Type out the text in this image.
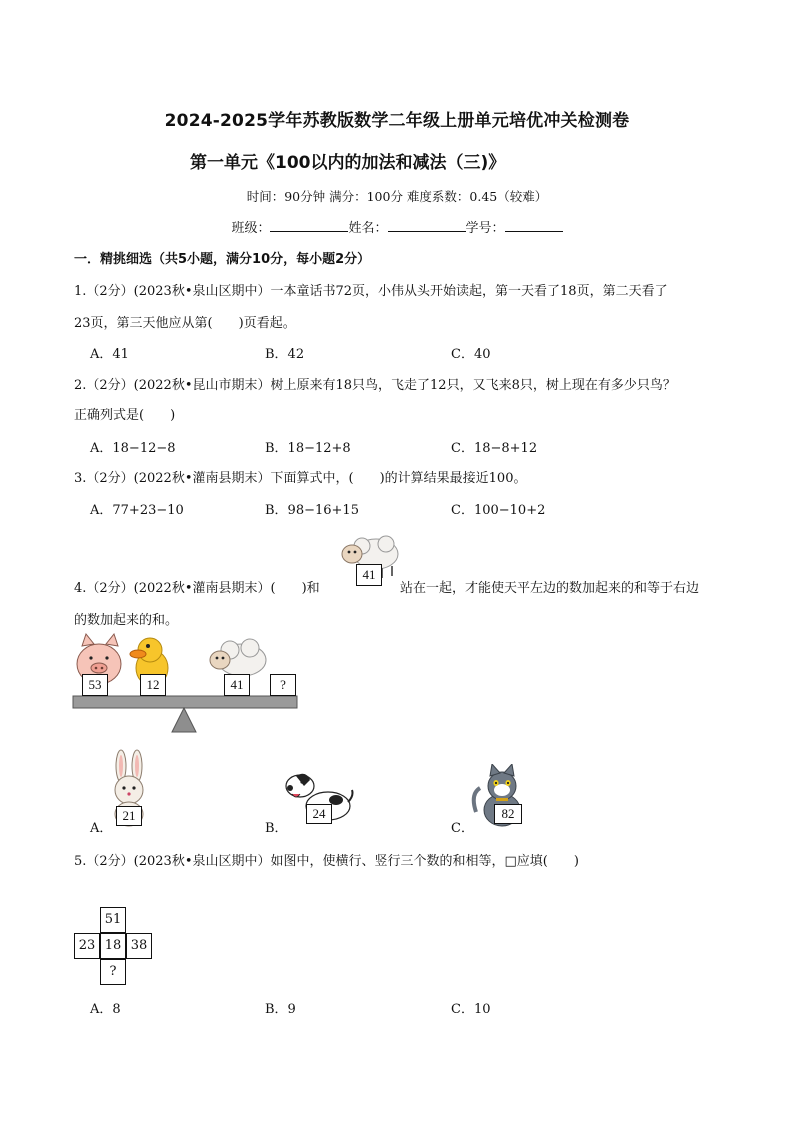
2024-2025学年苏教版数学二年级上册单元培优冲关检测卷
第一单元《100以内的加法和减法（三)》
时间：90分钟 满分：100分 难度系数：0.45（较难）
班级：	姓名：	学号：
一．精挑细选（共5小题，满分10分，每小题2分）
1.（2分）(2023秋•泉山区期中）一本童话书72页，小伟从头开始读起，第一天看了18页，第二天看了
23页，第三天他应从第( )页看起。
A．41	B．42	C．40
2.（2分）(2022秋•昆山市期末）树上原来有18只鸟，飞走了12只，又飞来8只，树上现在有多少只鸟？
正确列式是( )
A．18−12−8	B．18−12+8	C．18−8+12
3.（2分）(2022秋•灌南县期末）下面算式中，( )的计算结果最接近100。
A．77+23−10	B．98−16+15	C．100−10+2
4.（2分）(2022秋•灌南县期末）( )和	站在一起，才能使天平左边的数加起来的和等于右边
的数加起来的和。
41
53	12	41	?
A．
21
B．
24
C．
82
5.（2分）(2023秋•泉山区期中）如图中，使横行、竖行三个数的和相等，□应填( )
51
23 18 38
?
A．8	B．9	C．10
